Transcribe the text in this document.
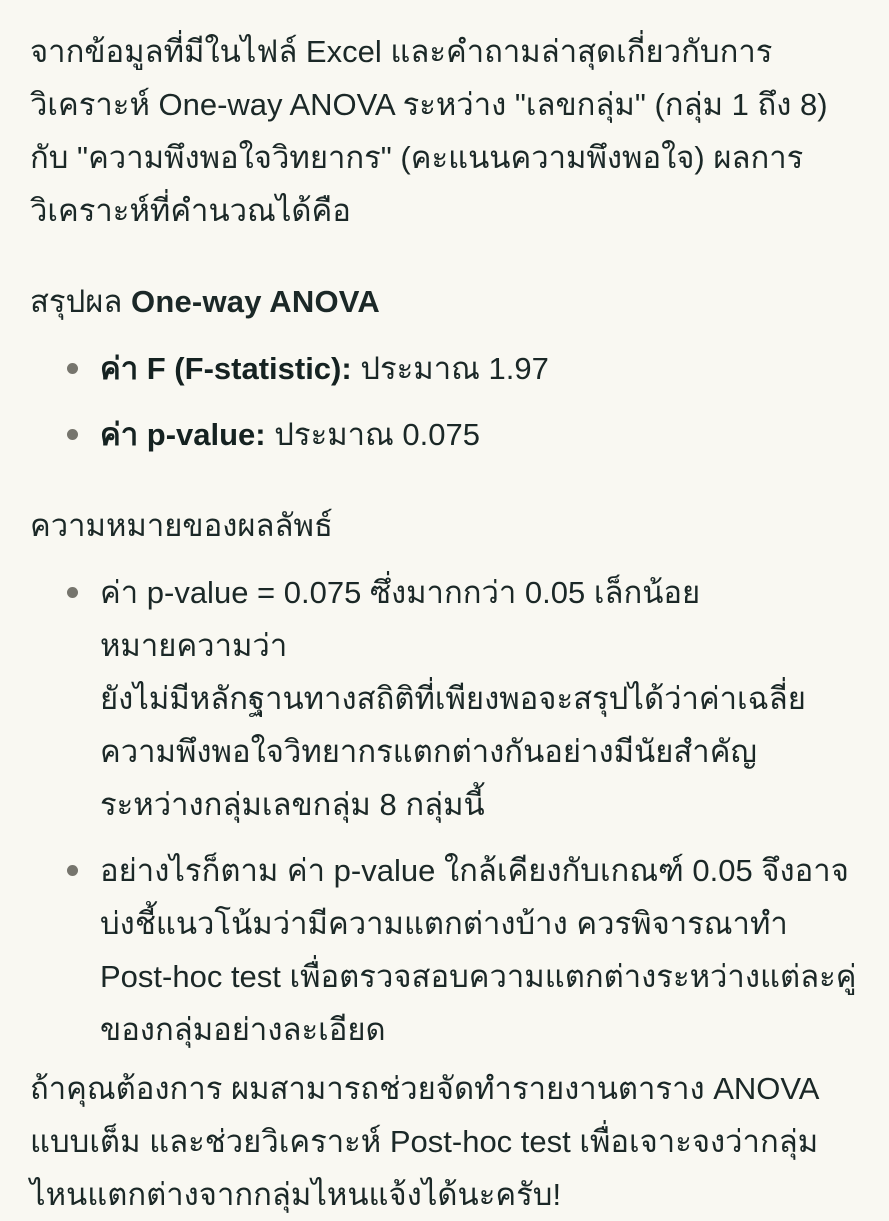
จากข้อมูลที่มีในไฟล์ Excel และคำถามล่าสุดเกี่ยวกับการวิเคราะห์ One-way ANOVA ระหว่าง "เลขกลุ่ม" (กลุ่ม 1 ถึง 8) กับ "ความพึงพอใจวิทยากร" (คะแนนความพึงพอใจ) ผลการวิเคราะห์ที่คำนวณได้คือ

สรุปผล One-way ANOVA
ค่า F (F-statistic): ประมาณ 1.97
ค่า p-value: ประมาณ 0.075
ความหมายของผลลัพธ์
ค่า p-value = 0.075 ซึ่งมากกว่า 0.05 เล็กน้อย หมายความว่า
ยังไม่มีหลักฐานทางสถิติที่เพียงพอจะสรุปได้ว่าค่าเฉลี่ยความพึงพอใจวิทยากรแตกต่างกันอย่างมีนัยสำคัญระหว่างกลุ่มเลขกลุ่ม 8 กลุ่มนี้
อย่างไรก็ตาม ค่า p-value ใกล้เคียงกับเกณฑ์ 0.05 จึงอาจบ่งชี้แนวโน้มว่ามีความแตกต่างบ้าง ควรพิจารณาทำ Post-hoc test เพื่อตรวจสอบความแตกต่างระหว่างแต่ละคู่ของกลุ่มอย่างละเอียด

ถ้าคุณต้องการ ผมสามารถช่วยจัดทำรายงานตาราง ANOVA แบบเต็ม และช่วยวิเคราะห์ Post-hoc test เพื่อเจาะจงว่ากลุ่มไหนแตกต่างจากกลุ่มไหนแจ้งได้นะครับ!
